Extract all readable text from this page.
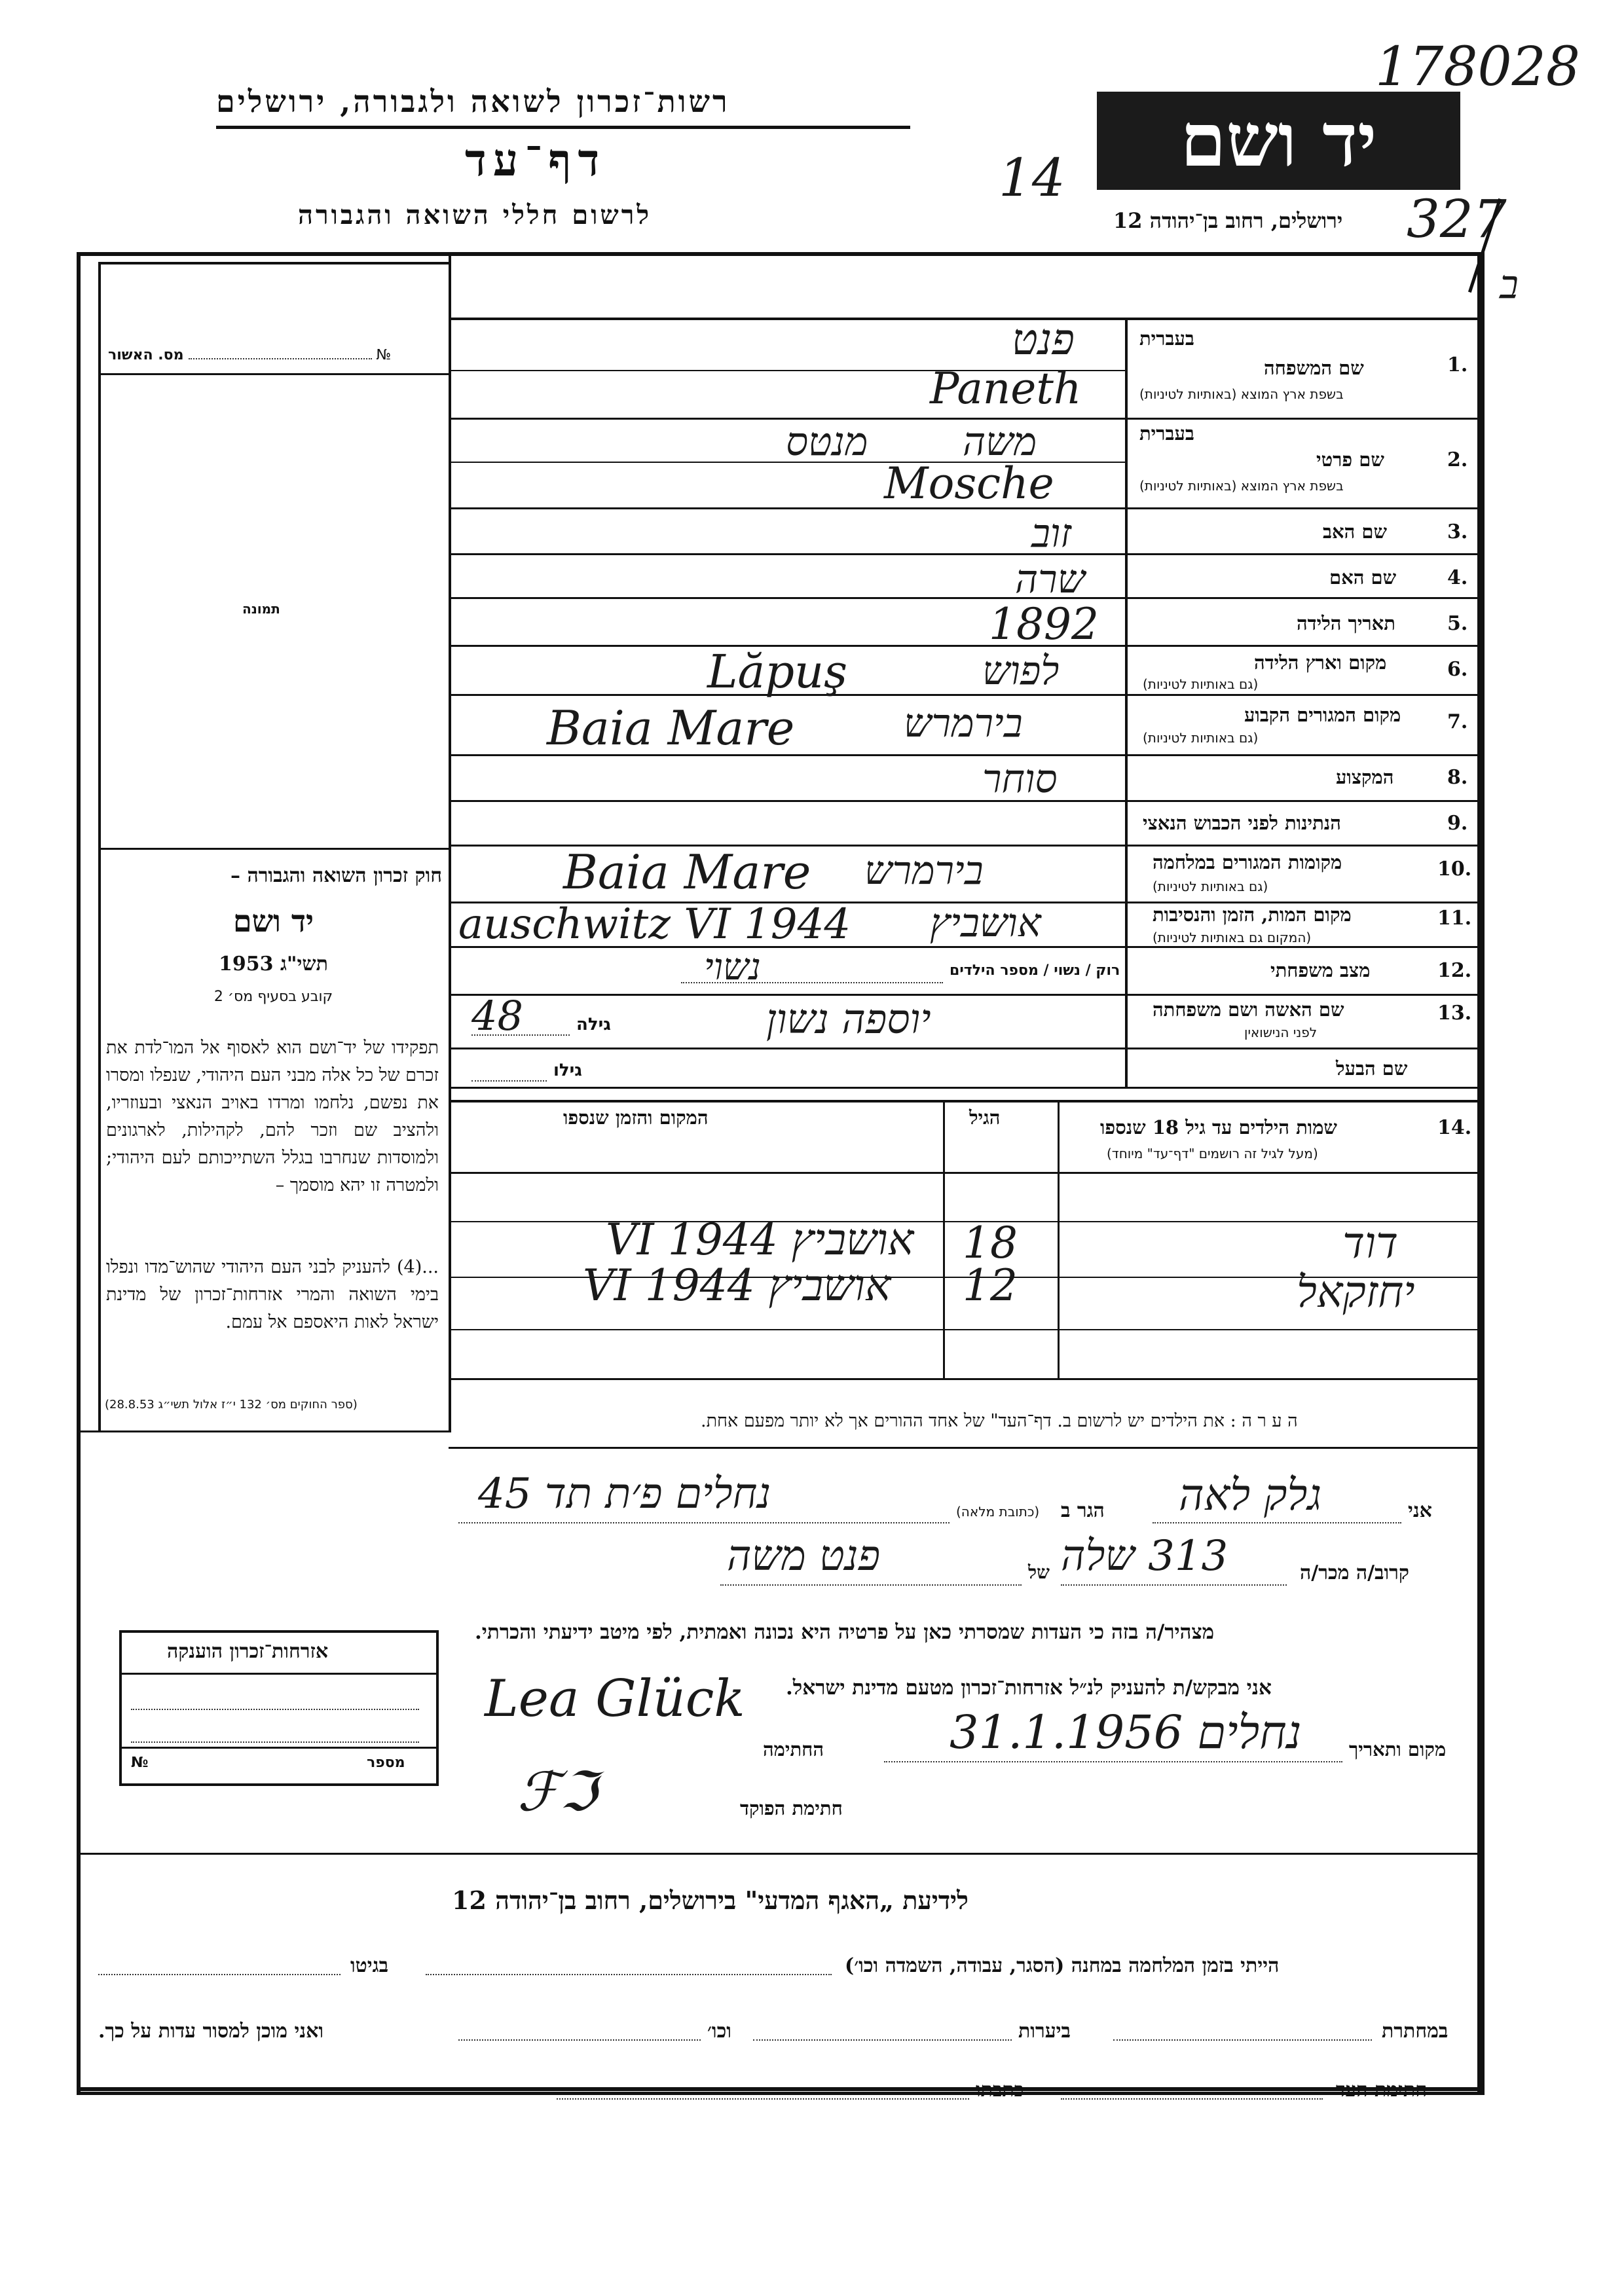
רשות־זכרון לשואה ולגבורה, ירושלים
דף־עד
לרשום חללי השואה והגבורה
יד ושם
ירושלים, רחוב בן־יהודה 12
178028
14
327
ב
№  מס. האשור
תמונה
חוק זכרון השואה והגבורה –
יד ושם
תשי"ג 1953
קובע בסעיף מס׳ 2
תפקידו של יד־ושם הוא לאסוף אל המו־לדת את זכרם של כל אלה מבני העם היהודי, שנפלו ומסרו את נפשם, נלחמו ומרדו באויב הנאצי ובעוזריו, ולהציב שם וזכר להם, לקהילות, לארגונים ולמוסדות שנחרבו בגלל השתייכותם לעם היהודי; ולמטרה זו יהא מוסמך –
...(4) להעניק לבני העם היהודי שהוש־מדו ונפלו בימי השואה והמרי אזרחות־זכרון של מדינת ישראל לאות היאספם אל עמם.
(ספר החוקים מס׳ 132 י״ז אלול תשי״ג 28.8.53)
1.
שם המשפחה
בשפת ארץ המוצא (באותיות לטיניות)
בעברית
פנט
Paneth
2.
שם פרטי
בשפת ארץ המוצא (באותיות לטיניות)
בעברית
משה
מנטס
Mosche
3.
שם האב
זוב
4.
שם האם
שרה
5.
תאריך הלידה
1892
6.
מקום וארץ הלידה
(גם באותיות לטיניות)
לפוש
Lăpuş
7.
מקום המגורים הקבוע
(גם באותיות לטיניות)
בירמרש
Baia Mare
8.
המקצוע
סוחר
9.
הנתינות לפני הכבוש הנאצי
10.
מקומות המגורים במלחמה
(גם באותיות לטיניות)
בירמרש
Baia Mare
11.
מקום המות, הזמן והנסיבות
(המקום גם באותיות לטיניות)
אושביץ
auschwitz VI 1944
12.
מצב משפחתי
רוק / נשוי / מספר הילדים
נשוי
13.
שם האשה ושם משפחתה
לפני הנישואין
יוספה נשון
גילה
48
שם הבעל
גילו
14.
שמות הילדים עד גיל 18 שנספו
(מעל לגיל זה רושמים "דף־עד" מיוחד)
הגיל
המקום והזמן שנספו
דוד
18
אושביץ VI 1944
יחזקאל
12
אושביץ VI 1944
ה ע ר ה : את הילדים יש לרשום ב. דף־העד" של אחד ההורים אך לא יותר מפעם אחת.
אני
גלק לאה
הגר ב
(כתובת מלאה)
נחלים פ׳ת תד 45
קרוב/ה מכר/ה
313 שלה
של
פנט משה
מצהיר/ה בזה כי העדות שמסרתי כאן על פרטיה היא נכונה ואמתית, לפי מיטב ידיעתי והכרתי.
אני מבקש/ת להעניק לנ״ל אזרחות־זכרון מטעם מדינת ישראל.
Lea Glück
החתימה	מקום ותאריך
נחלים 31.1.1956
חתימת הפוקד
ℱℑ
אזרחות־זכרון הוענקה
№	מספר
לידיעת „האגף המדעי" בירושלים, רחוב בן־יהודה 12
הייתי בזמן המלחמה במחנה (הסגר, עבודה, השמדה וכו׳)
בגיטו
במחתרת
ביערות
וכו׳
ואני מוכן למסור עדות על כך.
חתימת העד
כתבתו
